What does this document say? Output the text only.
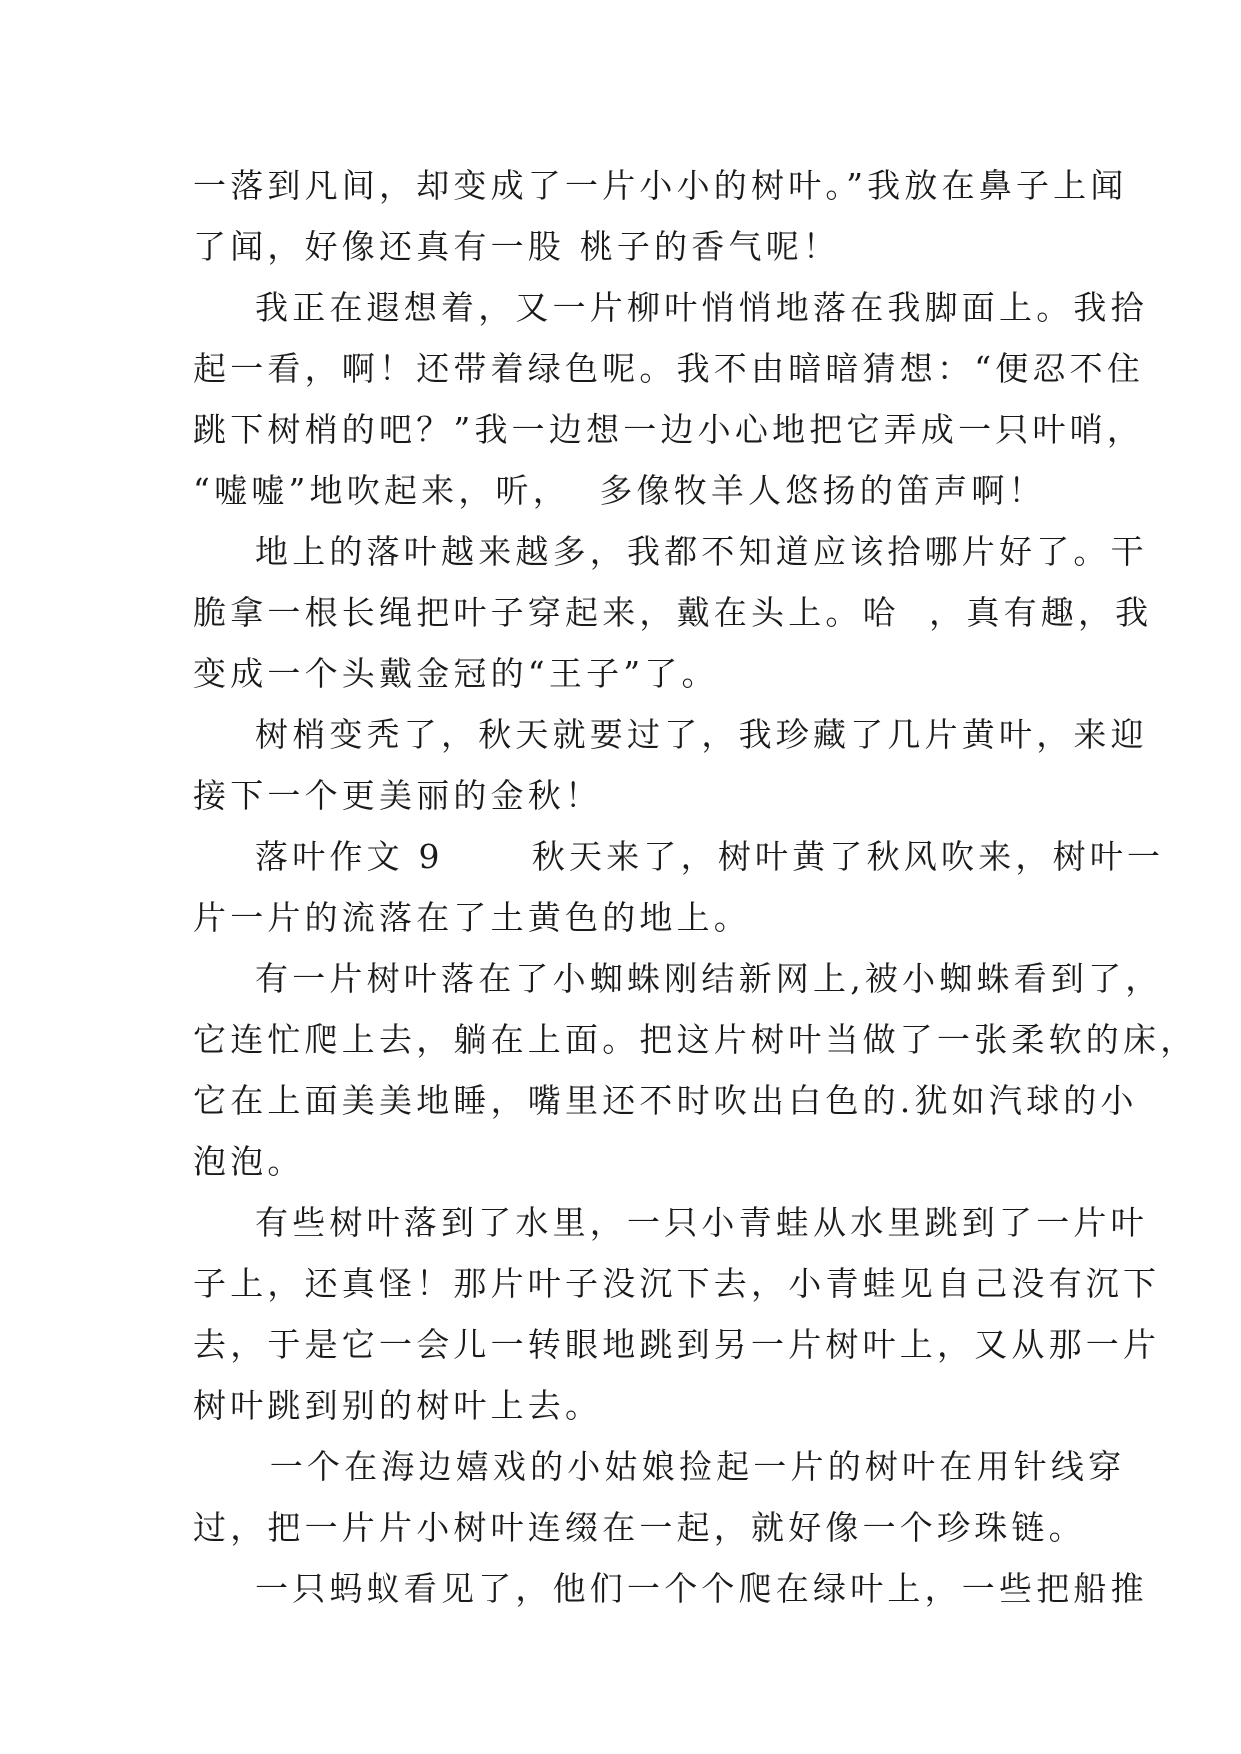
一落到凡间，却变成了一片小小的树叶。”我放在鼻子上闻
了闻，好像还真有一股 桃子的香气呢！
我正在遐想着，又一片柳叶悄悄地落在我脚面上。我拾
起一看，啊！还带着绿色呢。我不由暗暗猜想：“便忍不住
跳下树梢的吧？”我一边想一边小心地把它弄成一只叶哨，
“嘘嘘”地吹起来，听，  多像牧羊人悠扬的笛声啊！
地上的落叶越来越多，我都不知道应该拾哪片好了。干
脆拿一根长绳把叶子穿起来，戴在头上。哈  ，真有趣，我
变成一个头戴金冠的“王子”了。
树梢变秃了，秋天就要过了，我珍藏了几片黄叶，来迎
接下一个更美丽的金秋！
落叶作文 9      秋天来了，树叶黄了秋风吹来，树叶一
片一片的流落在了土黄色的地上。
有一片树叶落在了小蜘蛛刚结新网上,被小蜘蛛看到了，
它连忙爬上去，躺在上面。把这片树叶当做了一张柔软的床，
它在上面美美地睡，嘴里还不时吹出白色的.犹如汽球的小
泡泡。
有些树叶落到了水里，一只小青蛙从水里跳到了一片叶
子上，还真怪！那片叶子没沉下去，小青蛙见自己没有沉下
去，于是它一会儿一转眼地跳到另一片树叶上，又从那一片
树叶跳到别的树叶上去。
一个在海边嬉戏的小姑娘捡起一片的树叶在用针线穿
过，把一片片小树叶连缀在一起，就好像一个珍珠链。
一只蚂蚁看见了，他们一个个爬在绿叶上，一些把船推
